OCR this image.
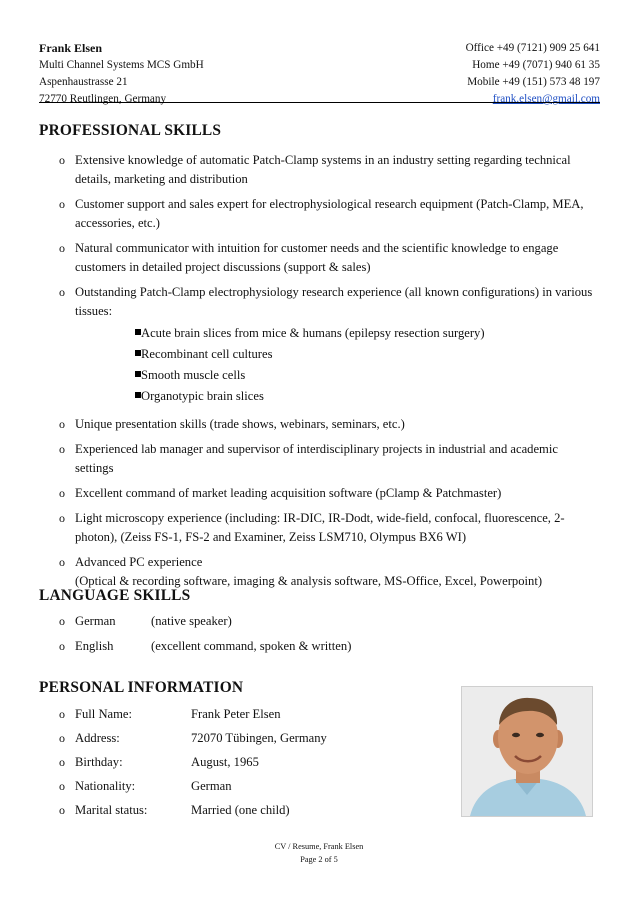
Frank Elsen	Office +49 (7121) 909 25 641
Multi Channel Systems MCS GmbH	Home +49 (7071) 940 61 35
Aspenhaustrasse 21	Mobile +49 (151) 573 48 197
72770 Reutlingen, Germany	frank.elsen@gmail.com
PROFESSIONAL SKILLS
o Extensive knowledge of automatic Patch-Clamp systems in an industry setting regarding technical details, marketing and distribution
o Customer support and sales expert for electrophysiological research equipment (Patch-Clamp, MEA, accessories, etc.)
o Natural communicator with intuition for customer needs and the scientific knowledge to engage customers in detailed project discussions (support & sales)
o Outstanding Patch-Clamp electrophysiology research experience (all known configurations) in various tissues:
Acute brain slices from mice & humans (epilepsy resection surgery)
Recombinant cell cultures
Smooth muscle cells
Organotypic brain slices
o Unique presentation skills (trade shows, webinars, seminars, etc.)
o Experienced lab manager and supervisor of interdisciplinary projects in industrial and academic settings
o Excellent command of market leading acquisition software (pClamp & Patchmaster)
o Light microscopy experience (including: IR-DIC, IR-Dodt, wide-field, confocal, fluorescence, 2-photon), (Zeiss FS-1, FS-2 and Examiner, Zeiss LSM710, Olympus BX6 WI)
o Advanced PC experience
(Optical & recording software, imaging & analysis software, MS-Office, Excel, Powerpoint)
LANGUAGE SKILLS
o German	(native speaker)
o English	(excellent command, spoken & written)
PERSONAL INFORMATION
o Full Name:	Frank Peter Elsen
o Address:	72070 Tübingen, Germany
o Birthday:	August, 1965
o Nationality:	German
o Marital status:	Married (one child)
CV / Resume, Frank Elsen
Page 2 of 5
